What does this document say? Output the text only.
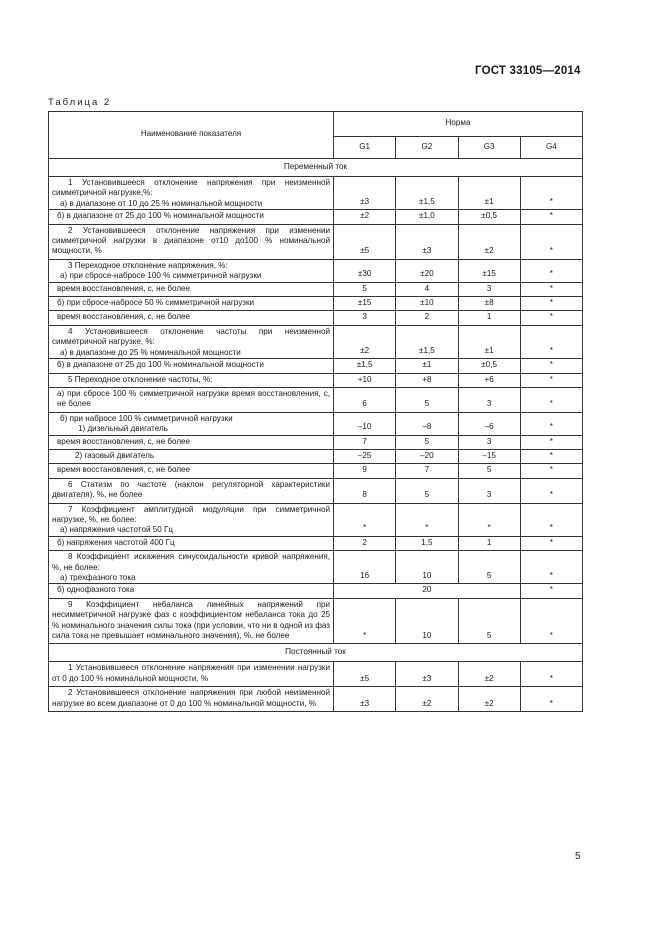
ГОСТ 33105—2014
Таблица 2
Наименование показателя	Норма			
	G1	G2	G3	G4
Переменный ток				

1 Установившееся отклонение напряжения при неизменной симметричной нагрузке,%:
а) в диапазоне от 10 до 25 % номинальной мощности	±3	±1,5	±1	*
б) в диапазоне от 25 до 100 % номинальной мощности	±2	±1,0	±0,5	*
2 Установившееся отклонение напряжения при изменении симметричной нагрузки в диапазоне от10 до100 % номинальной мощности, %	±5	±3	±2	*

3 Переходное отклонение напряжения, %:
а) при сбросе-набросе 100 % симметричной нагрузки	±30	±20	±15	*
время восстановления, с, не более	5	4	3	*
б) при сбросе-набросе 50 % симметричной нагрузки	±15	±10	±8	*
время восстановления, с, не более	3	2	1	*

4 Установившееся отклонение частоты при неизменной симметричной нагрузке, %:
а) в диапазоне до 25 % номинальной мощности	±2	±1,5	±1	*
б) в диапазоне от 25 до 100 % номинальной мощности	±1,5	±1	±0,5	*
5 Переходное отклонение частоты, %:	+10	+8	+6	*
а) при сбросе 100 % симметричной нагрузки время восстановления, с, не более	6	5	3	*

б) при набросе 100 % симметричной нагрузки
1) дизельный двигатель	–10	–8	–6	*
время восстановления, с, не более	7	5	3	*
2) газовый двигатель	–25	–20	–15	*
время восстановления, с, не более	9	7	5	*
6 Статизм по частоте (наклон регуляторной характеристики двигателя), %, не более	8	5	3	*

7 Коэффициент амплитудной модуляции при симметричной нагрузке, %, не более:
а) напряжения частотой 50 Гц	*	*	*	*
б) напряжения частотой 400 Гц	2	1,5	1	*

8 Коэффициент искажения синусоидальности кривой напряжения, %, не более:
а) трехфазного тока	16	10	5	*
б) однофазного тока	20			*
9 Коэффициент небаланса линейных напряжений при несимметричной нагрузке фаз с коэффициентом небаланса тока до 25 % номинального значения силы тока (при условии, что ни в одной из фаз сила тока не превышает номинального значения), %, не более	*	10	5	*
Постоянный ток				
1 Установившееся отклонение напряжения при изменении нагрузки от 0 до 100 % номинальной мощности, %	±5	±3	±2	*
2 Установившееся отклонение напряжения при любой неизменной нагрузке во всем диапазоне от 0 до 100 % номинальной мощности, %	±3	±2	±2	*
5
